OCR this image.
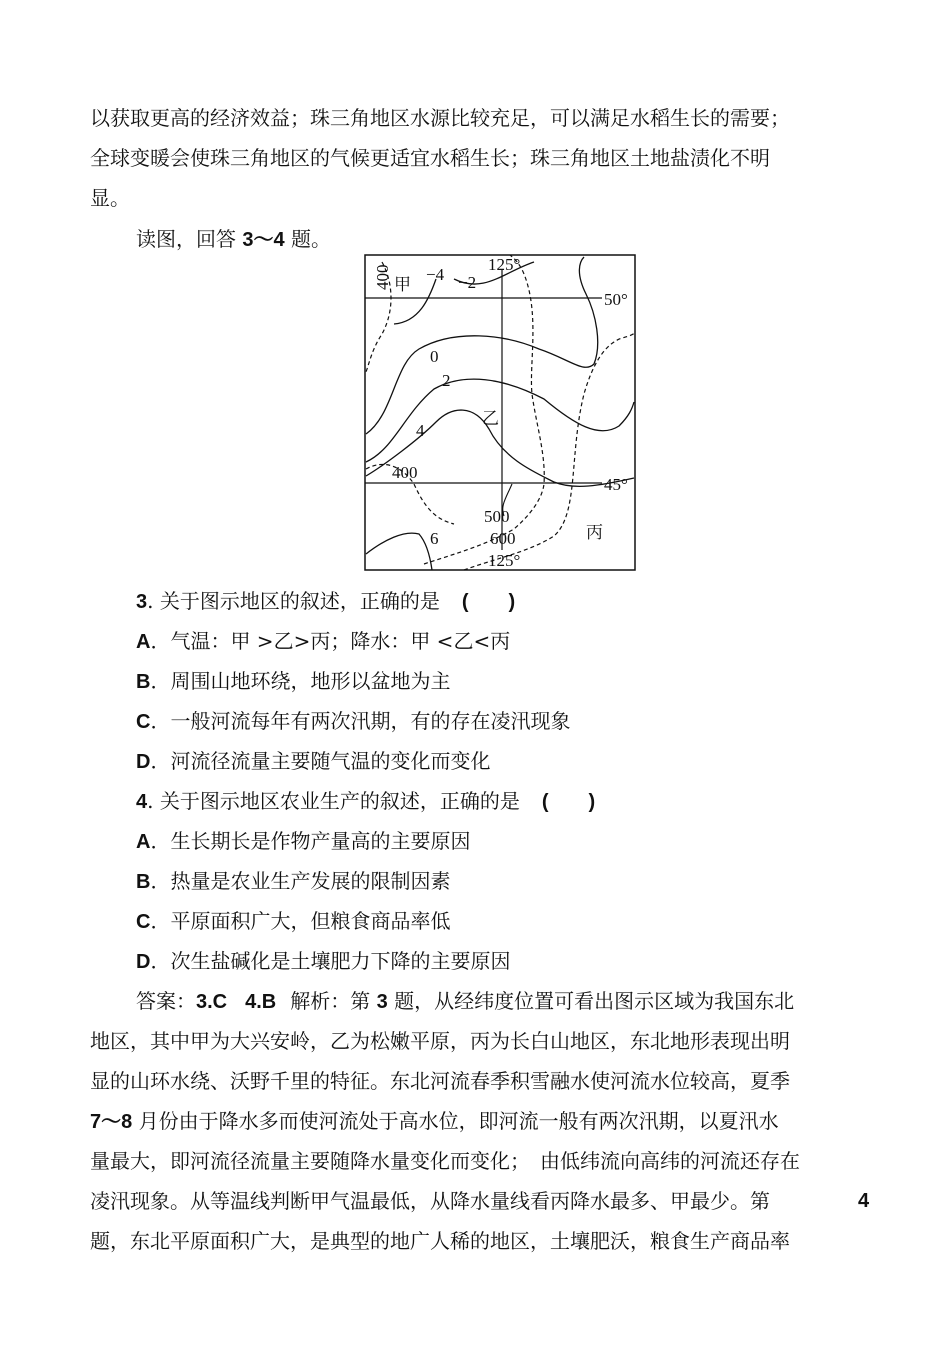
以获取更高的经济效益；珠三角地区水源比较充足，可以满足水稻生长的需要；
全球变暖会使珠三角地区的气候更适宜水稻生长；珠三角地区土地盐渍化不明
显。
读图，回答 3～4 题。
甲
乙
丙
125°
125°
50°
45°
−4 −2
0
2
4
6
400
400
500
600
3. 关于图示地区的叙述，正确的是 (　　)
A．气温：甲 >乙>丙；降水：甲 <乙<丙
B．周围山地环绕，地形以盆地为主
C．一般河流每年有两次汛期，有的存在凌汛现象
D．河流径流量主要随气温的变化而变化
4. 关于图示地区农业生产的叙述，正确的是 (　　)
A．生长期长是作物产量高的主要原因
B．热量是农业生产发展的限制因素
C．平原面积广大，但粮食商品率低
D．次生盐碱化是土壤肥力下降的主要原因
答案：3.C 4.B 解析：第 3 题，从经纬度位置可看出图示区域为我国东北
地区，其中甲为大兴安岭，乙为松嫩平原，丙为长白山地区，东北地形表现出明
显的山环水绕、沃野千里的特征。东北河流春季积雪融水使河流水位较高，夏季
7～8 月份由于降水多而使河流处于高水位，即河流一般有两次汛期，以夏汛水
量最大，即河流径流量主要随降水量变化而变化；　由低纬流向高纬的河流还存在
凌汛现象。从等温线判断甲气温最低，从降水量线看丙降水最多、甲最少。第	4
题，东北平原面积广大，是典型的地广人稀的地区，土壤肥沃，粮食生产商品率
